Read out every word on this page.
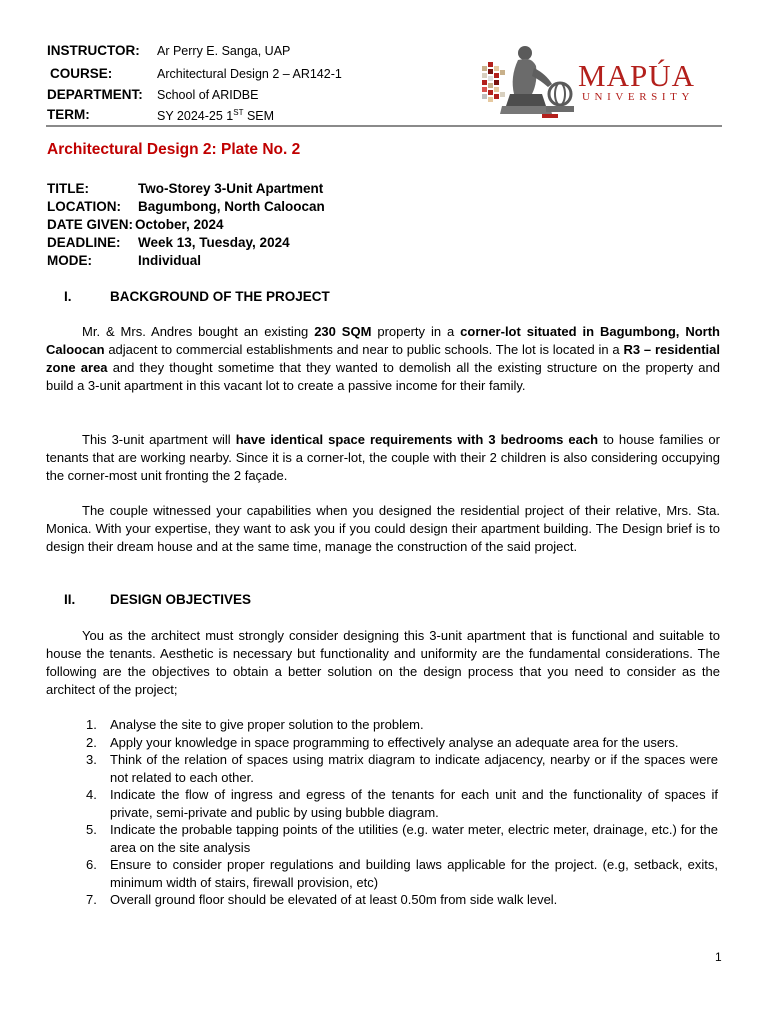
INSTRUCTOR: Ar Perry E. Sanga, UAP
COURSE:	Architectural Design 2 – AR142-1
DEPARTMENT: School of ARIDBE
TERM:	SY 2024-25 1ST SEM
MAPÚA
UNIVERSITY
Architectural Design 2: Plate No. 2
TITLE:	Two-Storey 3-Unit Apartment
LOCATION: Bagumbong, North Caloocan
DATE GIVEN: October, 2024
DEADLINE: Week 13, Tuesday, 2024
MODE:	Individual
I.	BACKGROUND OF THE PROJECT
Mr. & Mrs. Andres bought an existing 230 SQM property in a corner-lot situated in Bagumbong, North Caloocan adjacent to commercial establishments and near to public schools. The lot is located in a R3 – residential zone area and they thought sometime that they wanted to demolish all the existing structure on the property and build a 3-unit apartment in this vacant lot to create a passive income for their family.
This 3-unit apartment will have identical space requirements with 3 bedrooms each to house families or tenants that are working nearby. Since it is a corner-lot, the couple with their 2 children is also considering occupying the corner-most unit fronting the 2 façade.
The couple witnessed your capabilities when you designed the residential project of their relative, Mrs. Sta. Monica. With your expertise, they want to ask you if you could design their apartment building. The Design brief is to design their dream house and at the same time, manage the construction of the said project.
II.	DESIGN OBJECTIVES
You as the architect must strongly consider designing this 3-unit apartment that is functional and suitable to house the tenants. Aesthetic is necessary but functionality and uniformity are the fundamental considerations. The following are the objectives to obtain a better solution on the design process that you need to consider as the architect of the project;
1. Analyse the site to give proper solution to the problem.
2. Apply your knowledge in space programming to effectively analyse an adequate area for the users.
3. Think of the relation of spaces using matrix diagram to indicate adjacency, nearby or if the spaces were not related to each other.
4. Indicate the flow of ingress and egress of the tenants for each unit and the functionality of spaces if private, semi-private and public by using bubble diagram.
5. Indicate the probable tapping points of the utilities (e.g. water meter, electric meter, drainage, etc.) for the area on the site analysis
6. Ensure to consider proper regulations and building laws applicable for the project. (e.g, setback, exits, minimum width of stairs, firewall provision, etc)
7. Overall ground floor should be elevated of at least 0.50m from side walk level.
1
